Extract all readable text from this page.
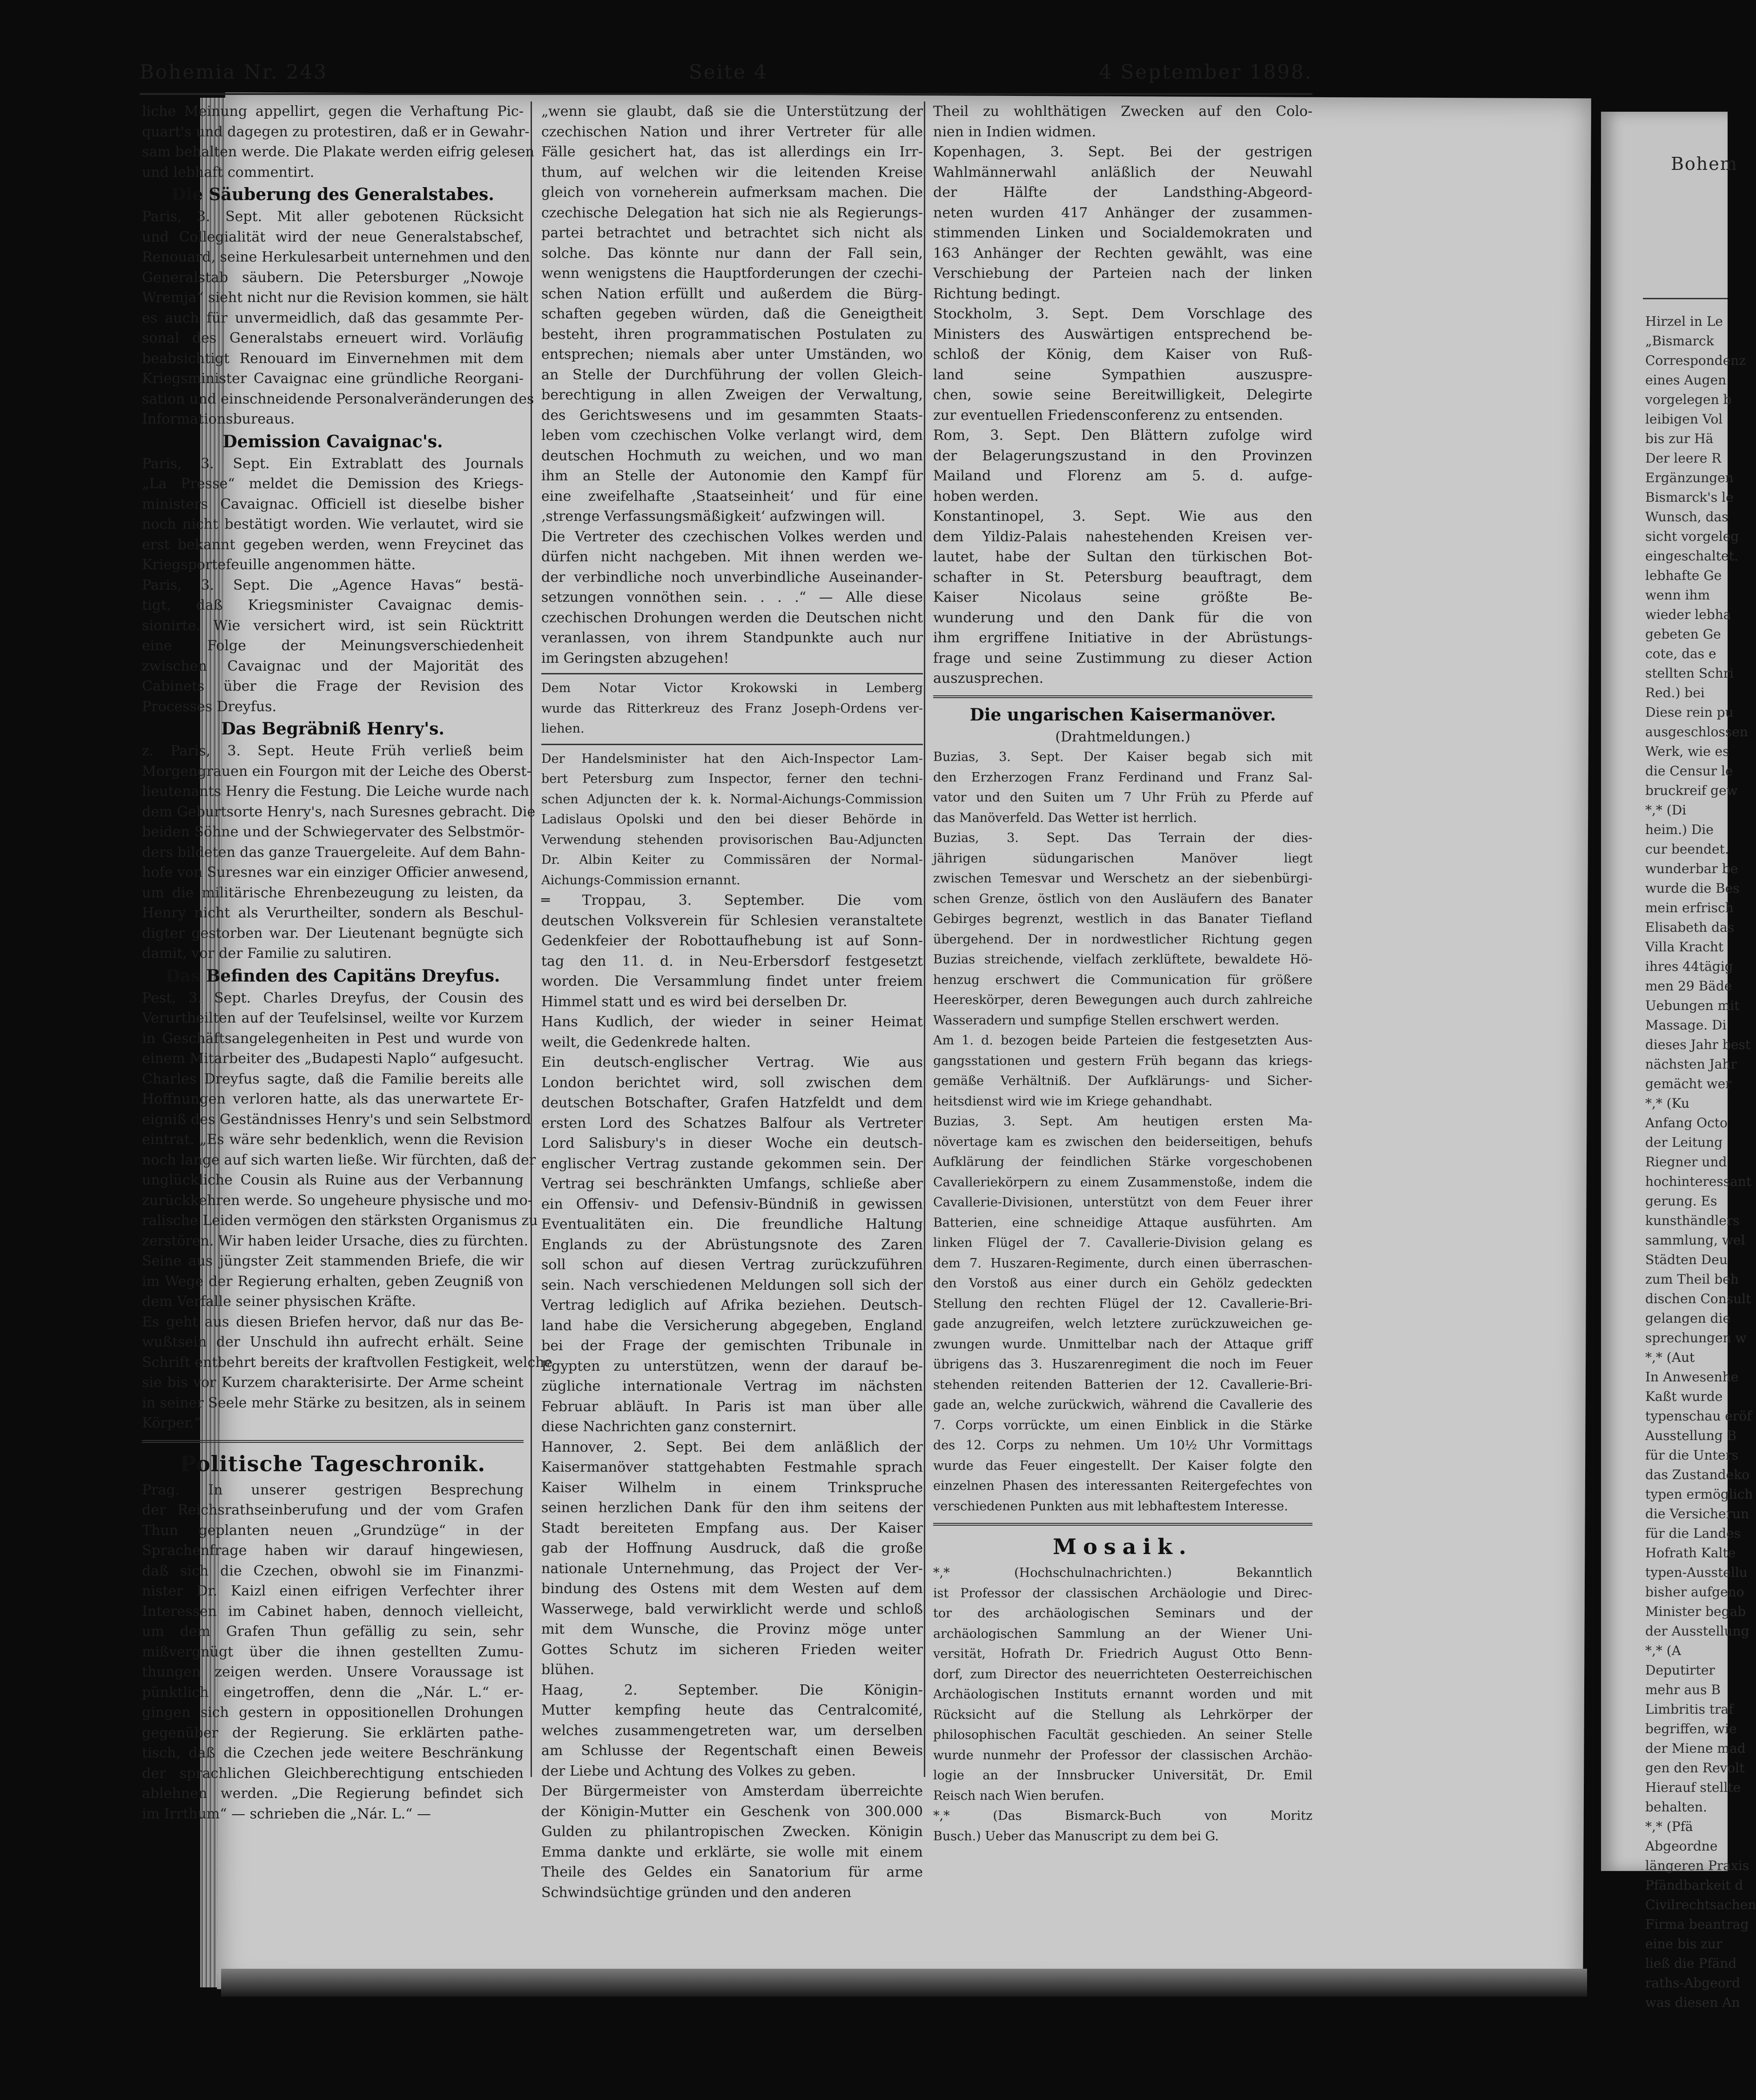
Bohem
Hirzel in Le
„Bismarck
Correspondenz
eines Augen
vorgelegen b
leibigen Vol
bis zur Hä
Der leere R
Ergänzungen
Bismarck's le
Wunsch, das
sicht vorgeleg
eingeschaltet.
lebhafte Ge
wenn ihm
wieder lebha
gebeten Ge
cote, das e
stellten Schri
Red.) bei
Diese rein pu
ausgeschlossen
Werk, wie es
die Censur le
bruckreif gew
*,* (Di
heim.) Die
cur beendet.
wunderbar be
wurde die Bes
mein erfrisch
Elisabeth das
Villa Kracht
ihres 44tägig
men 29 Bäde
Uebungen mit
Massage. Di
dieses Jahr best
nächsten Jahr
gemächt wer
*,* (Ku
Anfang Octo
der Leitung
Riegner und
hochinteressant
gerung. Es
kunsthändlers
sammlung, wel
Städten Deu
zum Theil beh
dischen Consult
gelangen die
sprechungen w
*,* (Aut
In Anwesenhe
Kaßt wurde
typenschau eröf
Ausstellung B
für die Unters
das Zustandeko
typen ermöglich
die Versicherun
für die Landes
Hofrath Kalte
typen-Ausstellu
bisher aufgeno
Minister begab
der Ausstellung
*,* (A
Deputirter
mehr aus B
Limbritis traf
begriffen, wie
der Miene mad
gen den Revolt
Hierauf stellte
behalten.
*,* (Pfä
Abgeordne
längeren Praxis
Pfändbarkeit d
Civilrechtsachen
Firma beantrag
eine bis zur
ließ die Pfänd
raths-Abgeord
was diesen An
Bohemia Nr. 243	Seite 4	4 September 1898.
liche Meinung appellirt, gegen die Verhaftung Pic-
quart's und dagegen zu protestiren, daß er in Gewahr-
sam behalten werde. Die Plakate werden eifrig gelesen
und lebhaft commentirt.
Die Säuberung des Generalstabes.
Paris, 3. Sept. Mit aller gebotenen Rücksicht
und Collegialität wird der neue Generalstabschef,
Renouard, seine Herkulesarbeit unternehmen und den
Generalstab säubern. Die Petersburger „Nowoje
Wremja“ sieht nicht nur die Revision kommen, sie hält
es auch für unvermeidlich, daß das gesammte Per-
sonal des Generalstabs erneuert wird. Vorläufig
beabsichtigt Renouard im Einvernehmen mit dem
Kriegsminister Cavaignac eine gründliche Reorgani-
sation und einschneidende Personalveränderungen des
Informationsbureaus.
Demission Cavaignac's.
Paris, 3. Sept. Ein Extrablatt des Journals
„La Presse“ meldet die Demission des Kriegs-
ministers Cavaignac. Officiell ist dieselbe bisher
noch nicht bestätigt worden. Wie verlautet, wird sie
erst bekannt gegeben werden, wenn Freycinet das
Kriegsportefeuille angenommen hätte.
Paris, 3. Sept. Die „Agence Havas“ bestä-
tigt, daß Kriegsminister Cavaignac demis-
sionirte. Wie versichert wird, ist sein Rücktritt
eine Folge der Meinungsverschiedenheit
zwischen Cavaignac und der Majorität des
Cabinets über die Frage der Revision des
Processes Dreyfus.
Das Begräbniß Henry's.
z. Paris, 3. Sept. Heute Früh verließ beim
Morgengrauen ein Fourgon mit der Leiche des Oberst-
lieutenants Henry die Festung. Die Leiche wurde nach
dem Geburtsorte Henry's, nach Suresnes gebracht. Die
beiden Söhne und der Schwiegervater des Selbstmör-
ders bildeten das ganze Trauergeleite. Auf dem Bahn-
hofe von Suresnes war ein einziger Officier anwesend,
um die militärische Ehrenbezeugung zu leisten, da
Henry nicht als Verurtheilter, sondern als Beschul-
digter gestorben war. Der Lieutenant begnügte sich
damit, vor der Familie zu salutiren.
Das Befinden des Capitäns Dreyfus.
Pest, 3. Sept. Charles Dreyfus, der Cousin des
Verurtheilten auf der Teufelsinsel, weilte vor Kurzem
in Geschäftsangelegenheiten in Pest und wurde von
einem Mitarbeiter des „Budapesti Naplo“ aufgesucht.
Charles Dreyfus sagte, daß die Familie bereits alle
Hoffnungen verloren hatte, als das unerwartete Er-
eigniß des Geständnisses Henry's und sein Selbstmord
eintrat. „Es wäre sehr bedenklich, wenn die Revision
noch lange auf sich warten ließe. Wir fürchten, daß der
unglückliche Cousin als Ruine aus der Verbannung
zurückkehren werde. So ungeheure physische und mo-
ralische Leiden vermögen den stärksten Organismus zu
zerstören. Wir haben leider Ursache, dies zu fürchten.
Seine aus jüngster Zeit stammenden Briefe, die wir
im Wege der Regierung erhalten, geben Zeugniß von
dem Verfalle seiner physischen Kräfte.
Es geht aus diesen Briefen hervor, daß nur das Be-
wußtsein der Unschuld ihn aufrecht erhält. Seine
Schrift entbehrt bereits der kraftvollen Festigkeit, welche
sie bis vor Kurzem charakterisirte. Der Arme scheint
in seiner Seele mehr Stärke zu besitzen, als in seinem
Körper.“
Politische Tageschronik.
Prag. In unserer gestrigen Besprechung
der Reichsrathseinberufung und der vom Grafen
Thun geplanten neuen „Grundzüge“ in der
Sprachenfrage haben wir darauf hingewiesen,
daß sich die Czechen, obwohl sie im Finanzmi-
nister Dr. Kaizl einen eifrigen Verfechter ihrer
Interessen im Cabinet haben, dennoch vielleicht,
um dem Grafen Thun gefällig zu sein, sehr
mißvergnügt über die ihnen gestellten Zumu-
thungen zeigen werden. Unsere Voraussage ist
pünktlich eingetroffen, denn die „Nár. L.“ er-
gingen sich gestern in oppositionellen Drohungen
gegenüber der Regierung. Sie erklärten pathe-
tisch, daß die Czechen jede weitere Beschränkung
der sprachlichen Gleichberechtigung entschieden
ablehnen werden. „Die Regierung befindet sich
im Irrthum“ — schrieben die „Nár. L.“ —
„wenn sie glaubt, daß sie die Unterstützung der
czechischen Nation und ihrer Vertreter für alle
Fälle gesichert hat, das ist allerdings ein Irr-
thum, auf welchen wir die leitenden Kreise
gleich von vorneherein aufmerksam machen. Die
czechische Delegation hat sich nie als Regierungs-
partei betrachtet und betrachtet sich nicht als
solche. Das könnte nur dann der Fall sein,
wenn wenigstens die Hauptforderungen der czechi-
schen Nation erfüllt und außerdem die Bürg-
schaften gegeben würden, daß die Geneigtheit
besteht, ihren programmatischen Postulaten zu
entsprechen; niemals aber unter Umständen, wo
an Stelle der Durchführung der vollen Gleich-
berechtigung in allen Zweigen der Verwaltung,
des Gerichtswesens und im gesammten Staats-
leben vom czechischen Volke verlangt wird, dem
deutschen Hochmuth zu weichen, und wo man
ihm an Stelle der Autonomie den Kampf für
eine zweifelhafte ‚Staatseinheit‘ und für eine
‚strenge Verfassungsmäßigkeit‘ aufzwingen will.
Die Vertreter des czechischen Volkes werden und
dürfen nicht nachgeben. Mit ihnen werden we-
der verbindliche noch unverbindliche Auseinander-
setzungen vonnöthen sein. . . .“ — Alle diese
czechischen Drohungen werden die Deutschen nicht
veranlassen, von ihrem Standpunkte auch nur
im Geringsten abzugehen!
Dem Notar Victor Krokowski in Lemberg
wurde das Ritterkreuz des Franz Joseph-Ordens ver-
liehen.
Der Handelsminister hat den Aich-Inspector Lam-
bert Petersburg zum Inspector, ferner den techni-
schen Adjuncten der k. k. Normal-Aichungs-Commission
Ladislaus Opolski und den bei dieser Behörde in
Verwendung stehenden provisorischen Bau-Adjuncten
Dr. Albin Keiter zu Commissären der Normal-
Aichungs-Commission ernannt.
═ Troppau, 3. September. Die vom
deutschen Volksverein für Schlesien veranstaltete
Gedenkfeier der Robottaufhebung ist auf Sonn-
tag den 11. d. in Neu-Erbersdorf festgesetzt
worden. Die Versammlung findet unter freiem
Himmel statt und es wird bei derselben Dr.
Hans Kudlich, der wieder in seiner Heimat
weilt, die Gedenkrede halten.
Ein deutsch-englischer Vertrag. Wie aus
London berichtet wird, soll zwischen dem
deutschen Botschafter, Grafen Hatzfeldt und dem
ersten Lord des Schatzes Balfour als Vertreter
Lord Salisbury's in dieser Woche ein deutsch-
englischer Vertrag zustande gekommen sein. Der
Vertrag sei beschränkten Umfangs, schließe aber
ein Offensiv- und Defensiv-Bündniß in gewissen
Eventualitäten ein. Die freundliche Haltung
Englands zu der Abrüstungsnote des Zaren
soll schon auf diesen Vertrag zurückzuführen
sein. Nach verschiedenen Meldungen soll sich der
Vertrag lediglich auf Afrika beziehen. Deutsch-
land habe die Versicherung abgegeben, England
bei der Frage der gemischten Tribunale in
Egypten zu unterstützen, wenn der darauf be-
zügliche internationale Vertrag im nächsten
Februar abläuft. In Paris ist man über alle
diese Nachrichten ganz consternirt.
Hannover, 2. Sept. Bei dem anläßlich der
Kaisermanöver stattgehabten Festmahle sprach
Kaiser Wilhelm in einem Trinkspruche
seinen herzlichen Dank für den ihm seitens der
Stadt bereiteten Empfang aus. Der Kaiser
gab der Hoffnung Ausdruck, daß die große
nationale Unternehmung, das Project der Ver-
bindung des Ostens mit dem Westen auf dem
Wasserwege, bald verwirklicht werde und schloß
mit dem Wunsche, die Provinz möge unter
Gottes Schutz im sicheren Frieden weiter
blühen.
Haag, 2. September. Die Königin-
Mutter kempfing heute das Centralcomité,
welches zusammengetreten war, um derselben
am Schlusse der Regentschaft einen Beweis
der Liebe und Achtung des Volkes zu geben.
Der Bürgermeister von Amsterdam überreichte
der Königin-Mutter ein Geschenk von 300.000
Gulden zu philantropischen Zwecken. Königin
Emma dankte und erklärte, sie wolle mit einem
Theile des Geldes ein Sanatorium für arme
Schwindsüchtige gründen und den anderen
Theil zu wohlthätigen Zwecken auf den Colo-
nien in Indien widmen.
Kopenhagen, 3. Sept. Bei der gestrigen
Wahlmännerwahl anläßlich der Neuwahl
der Hälfte der Landsthing-Abgeord-
neten wurden 417 Anhänger der zusammen-
stimmenden Linken und Socialdemokraten und
163 Anhänger der Rechten gewählt, was eine
Verschiebung der Parteien nach der linken
Richtung bedingt.
Stockholm, 3. Sept. Dem Vorschlage des
Ministers des Auswärtigen entsprechend be-
schloß der König, dem Kaiser von Ruß-
land seine Sympathien auszuspre-
chen, sowie seine Bereitwilligkeit, Delegirte
zur eventuellen Friedensconferenz zu entsenden.
Rom, 3. Sept. Den Blättern zufolge wird
der Belagerungszustand in den Provinzen
Mailand und Florenz am 5. d. aufge-
hoben werden.
Konstantinopel, 3. Sept. Wie aus den
dem Yildiz-Palais nahestehenden Kreisen ver-
lautet, habe der Sultan den türkischen Bot-
schafter in St. Petersburg beauftragt, dem
Kaiser Nicolaus seine größte Be-
wunderung und den Dank für die von
ihm ergriffene Initiative in der Abrüstungs-
frage und seine Zustimmung zu dieser Action
auszusprechen.
Die ungarischen Kaisermanöver.
(Drahtmeldungen.)
Buzias, 3. Sept. Der Kaiser begab sich mit
den Erzherzogen Franz Ferdinand und Franz Sal-
vator und den Suiten um 7 Uhr Früh zu Pferde auf
das Manöverfeld. Das Wetter ist herrlich.
Buzias, 3. Sept. Das Terrain der dies-
jährigen südungarischen Manöver liegt
zwischen Temesvar und Werschetz an der siebenbürgi-
schen Grenze, östlich von den Ausläufern des Banater
Gebirges begrenzt, westlich in das Banater Tiefland
übergehend. Der in nordwestlicher Richtung gegen
Buzias streichende, vielfach zerklüftete, bewaldete Hö-
henzug erschwert die Communication für größere
Heereskörper, deren Bewegungen auch durch zahlreiche
Wasseradern und sumpfige Stellen erschwert werden.
Am 1. d. bezogen beide Parteien die festgesetzten Aus-
gangsstationen und gestern Früh begann das kriegs-
gemäße Verhältniß. Der Aufklärungs- und Sicher-
heitsdienst wird wie im Kriege gehandhabt.
Buzias, 3. Sept. Am heutigen ersten Ma-
növertage kam es zwischen den beiderseitigen, behufs
Aufklärung der feindlichen Stärke vorgeschobenen
Cavalleriekörpern zu einem Zusammenstoße, indem die
Cavallerie-Divisionen, unterstützt von dem Feuer ihrer
Batterien, eine schneidige Attaque ausführten. Am
linken Flügel der 7. Cavallerie-Division gelang es
dem 7. Huszaren-Regimente, durch einen überraschen-
den Vorstoß aus einer durch ein Gehölz gedeckten
Stellung den rechten Flügel der 12. Cavallerie-Bri-
gade anzugreifen, welch letztere zurückzuweichen ge-
zwungen wurde. Unmittelbar nach der Attaque griff
übrigens das 3. Huszarenregiment die noch im Feuer
stehenden reitenden Batterien der 12. Cavallerie-Bri-
gade an, welche zurückwich, während die Cavallerie des
7. Corps vorrückte, um einen Einblick in die Stärke
des 12. Corps zu nehmen. Um 10½ Uhr Vormittags
wurde das Feuer eingestellt. Der Kaiser folgte den
einzelnen Phasen des interessanten Reitergefechtes von
verschiedenen Punkten aus mit lebhaftestem Interesse.
Mosaik.
*,* (Hochschulnachrichten.) Bekanntlich
ist Professor der classischen Archäologie und Direc-
tor des archäologischen Seminars und der
archäologischen Sammlung an der Wiener Uni-
versität, Hofrath Dr. Friedrich August Otto Benn-
dorf, zum Director des neuerrichteten Oesterreichischen
Archäologischen Instituts ernannt worden und mit
Rücksicht auf die Stellung als Lehrkörper der
philosophischen Facultät geschieden. An seiner Stelle
wurde nunmehr der Professor der classischen Archäo-
logie an der Innsbrucker Universität, Dr. Emil
Reisch nach Wien berufen.
*,* (Das Bismarck-Buch von Moritz
Busch.) Ueber das Manuscript zu dem bei G.
